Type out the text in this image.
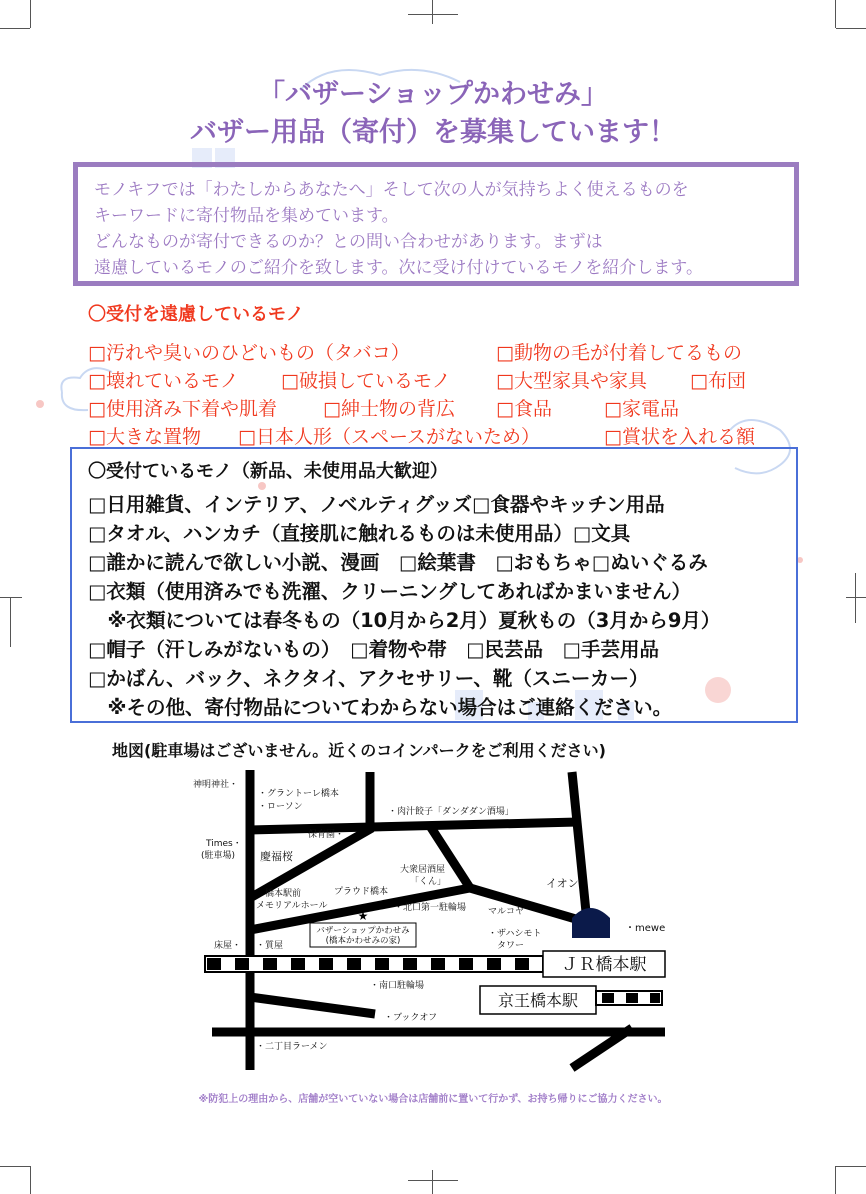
「バザーショップかわせみ」
バザー用品（寄付）を募集しています！

モノキフでは「わたしからあなたへ」そして次の人が気持ちよく使えるものを

キーワードに寄付物品を集めています。

どんなものが寄付できるのか？との問い合わせがあります。まずは

遠慮しているモノのご紹介を致します。次に受け付けているモノを紹介します。

〇受付を遠慮しているモノ
□汚れや臭いのひどいもの（タバコ）	□動物の毛が付着してるもの
□壊れているモノ □破損しているモノ □大型家具や家具 □布団
□使用済み下着や肌着 □紳士物の背広 □食品	□家電品
□大きな置物 □日本人形（スペースがないため）	□賞状を入れる額
〇受付ているモノ（新品、未使用品大歓迎）
□日用雑貨、インテリア、ノベルティグッズ□食器やキッチン用品
□タオル、ハンカチ（直接肌に触れるものは未使用品）□文具
□誰かに読んで欲しい小説、漫画　□絵葉書　□おもちゃ□ぬいぐるみ
□衣類（使用済みでも洗濯、クリーニングしてあればかまいません）
　※衣類については春冬もの（10月から2月）夏秋もの（3月から9月）
□帽子（汗しみがないもの）　□着物や帯　□民芸品　□手芸用品
□かばん、バック、ネクタイ、アクセサリー、靴（スニーカー）
　※その他、寄付物品についてわからない場合はご連絡ください。
地図(駐車場はございません。近くのコインパークをご利用ください)
★
神明神社・
・グラントーレ橋本
・ローソン	・肉汁餃子「ダンダダン酒場」
保育園・
Times・
(駐車場) 慶福桜
大衆居酒屋
「くん」	イオン
プラウド橋本
橋本駅前
メモリアルホール
マルコヤ
・北口第一駐輪場
・mewe
バザーショップかわせみ
(橋本かわせみの家)
・ザハシモト
タワー
床屋・ ・質屋
ＪＲ橋本駅
京王橋本駅
・南口駐輪場
・ブックオフ
・二丁目ラーメン
※防犯上の理由から、店舗が空いていない場合は店舗前に置いて行かず、お持ち帰りにご協力ください。
